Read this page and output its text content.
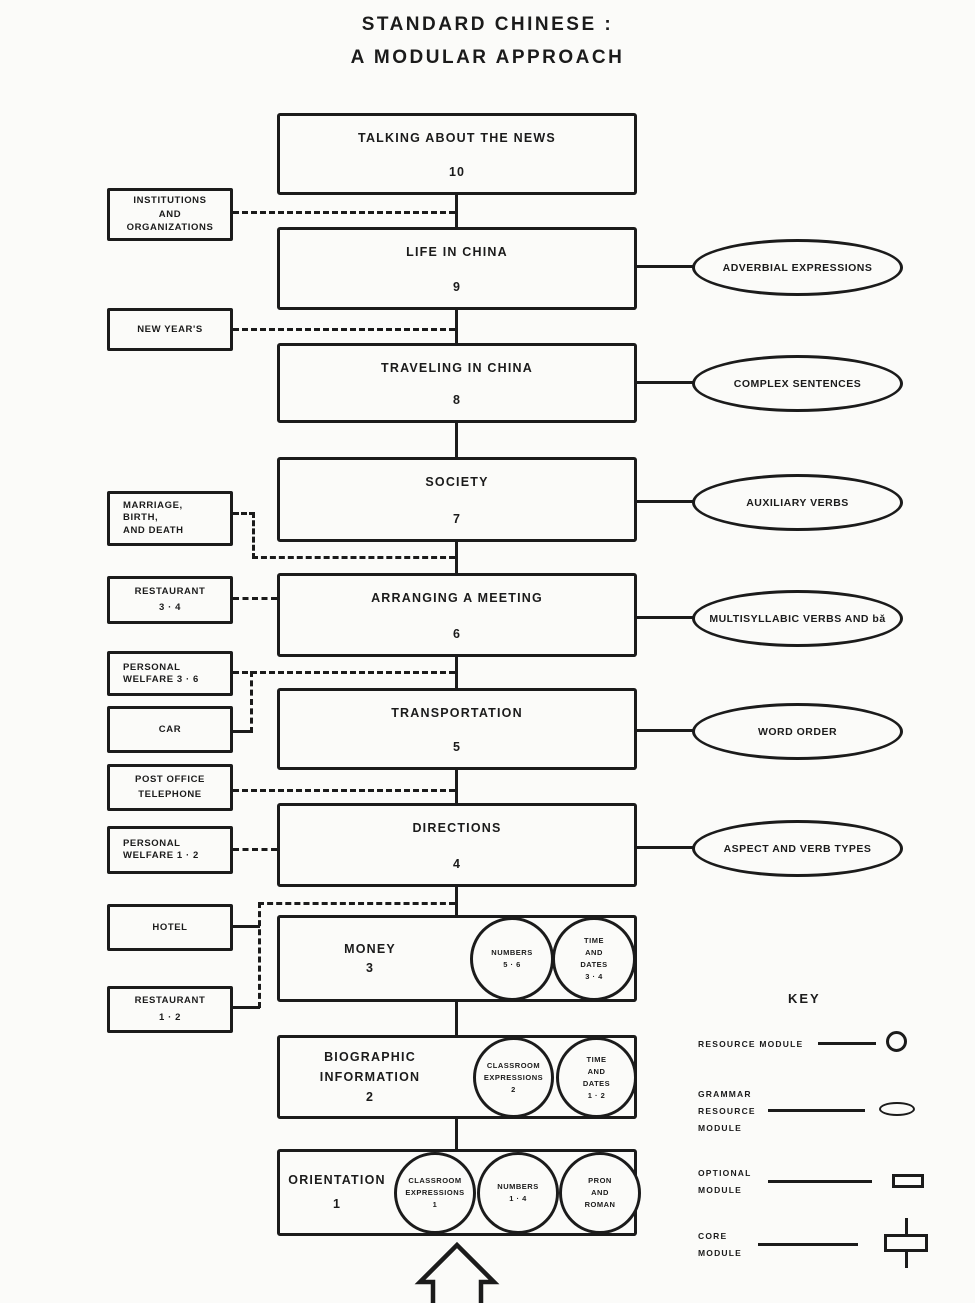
STANDARD CHINESE :
A MODULAR APPROACH
TALKING ABOUT THE NEWS
10
LIFE IN CHINA
9
TRAVELING IN CHINA
8
SOCIETY
7
ARRANGING A MEETING
6
TRANSPORTATION
5
DIRECTIONS
4
MONEY
3
NUMBERS
5 · 6
TIME
AND
DATES
3 · 4
BIOGRAPHIC
INFORMATION
2
CLASSROOM
EXPRESSIONS
2
TIME
AND
DATES
1 · 2
ORIENTATION
1
CLASSROOM
EXPRESSIONS
1
NUMBERS
1 · 4
PRON
AND
ROMAN
INSTITUTIONS
AND
ORGANIZATIONS
NEW YEAR'S
MARRIAGE,
BIRTH,
AND DEATH
RESTAURANT
3 · 4
PERSONAL
WELFARE 3 · 6
CAR
POST OFFICE
TELEPHONE
PERSONAL
WELFARE 1 · 2
HOTEL
RESTAURANT
1 · 2
ADVERBIAL EXPRESSIONS
COMPLEX SENTENCES
AUXILIARY VERBS
MULTISYLLABIC VERBS AND bǎ
WORD ORDER
ASPECT AND VERB TYPES
KEY
RESOURCE MODULE
GRAMMAR
RESOURCE
MODULE
OPTIONAL
MODULE
CORE
MODULE
